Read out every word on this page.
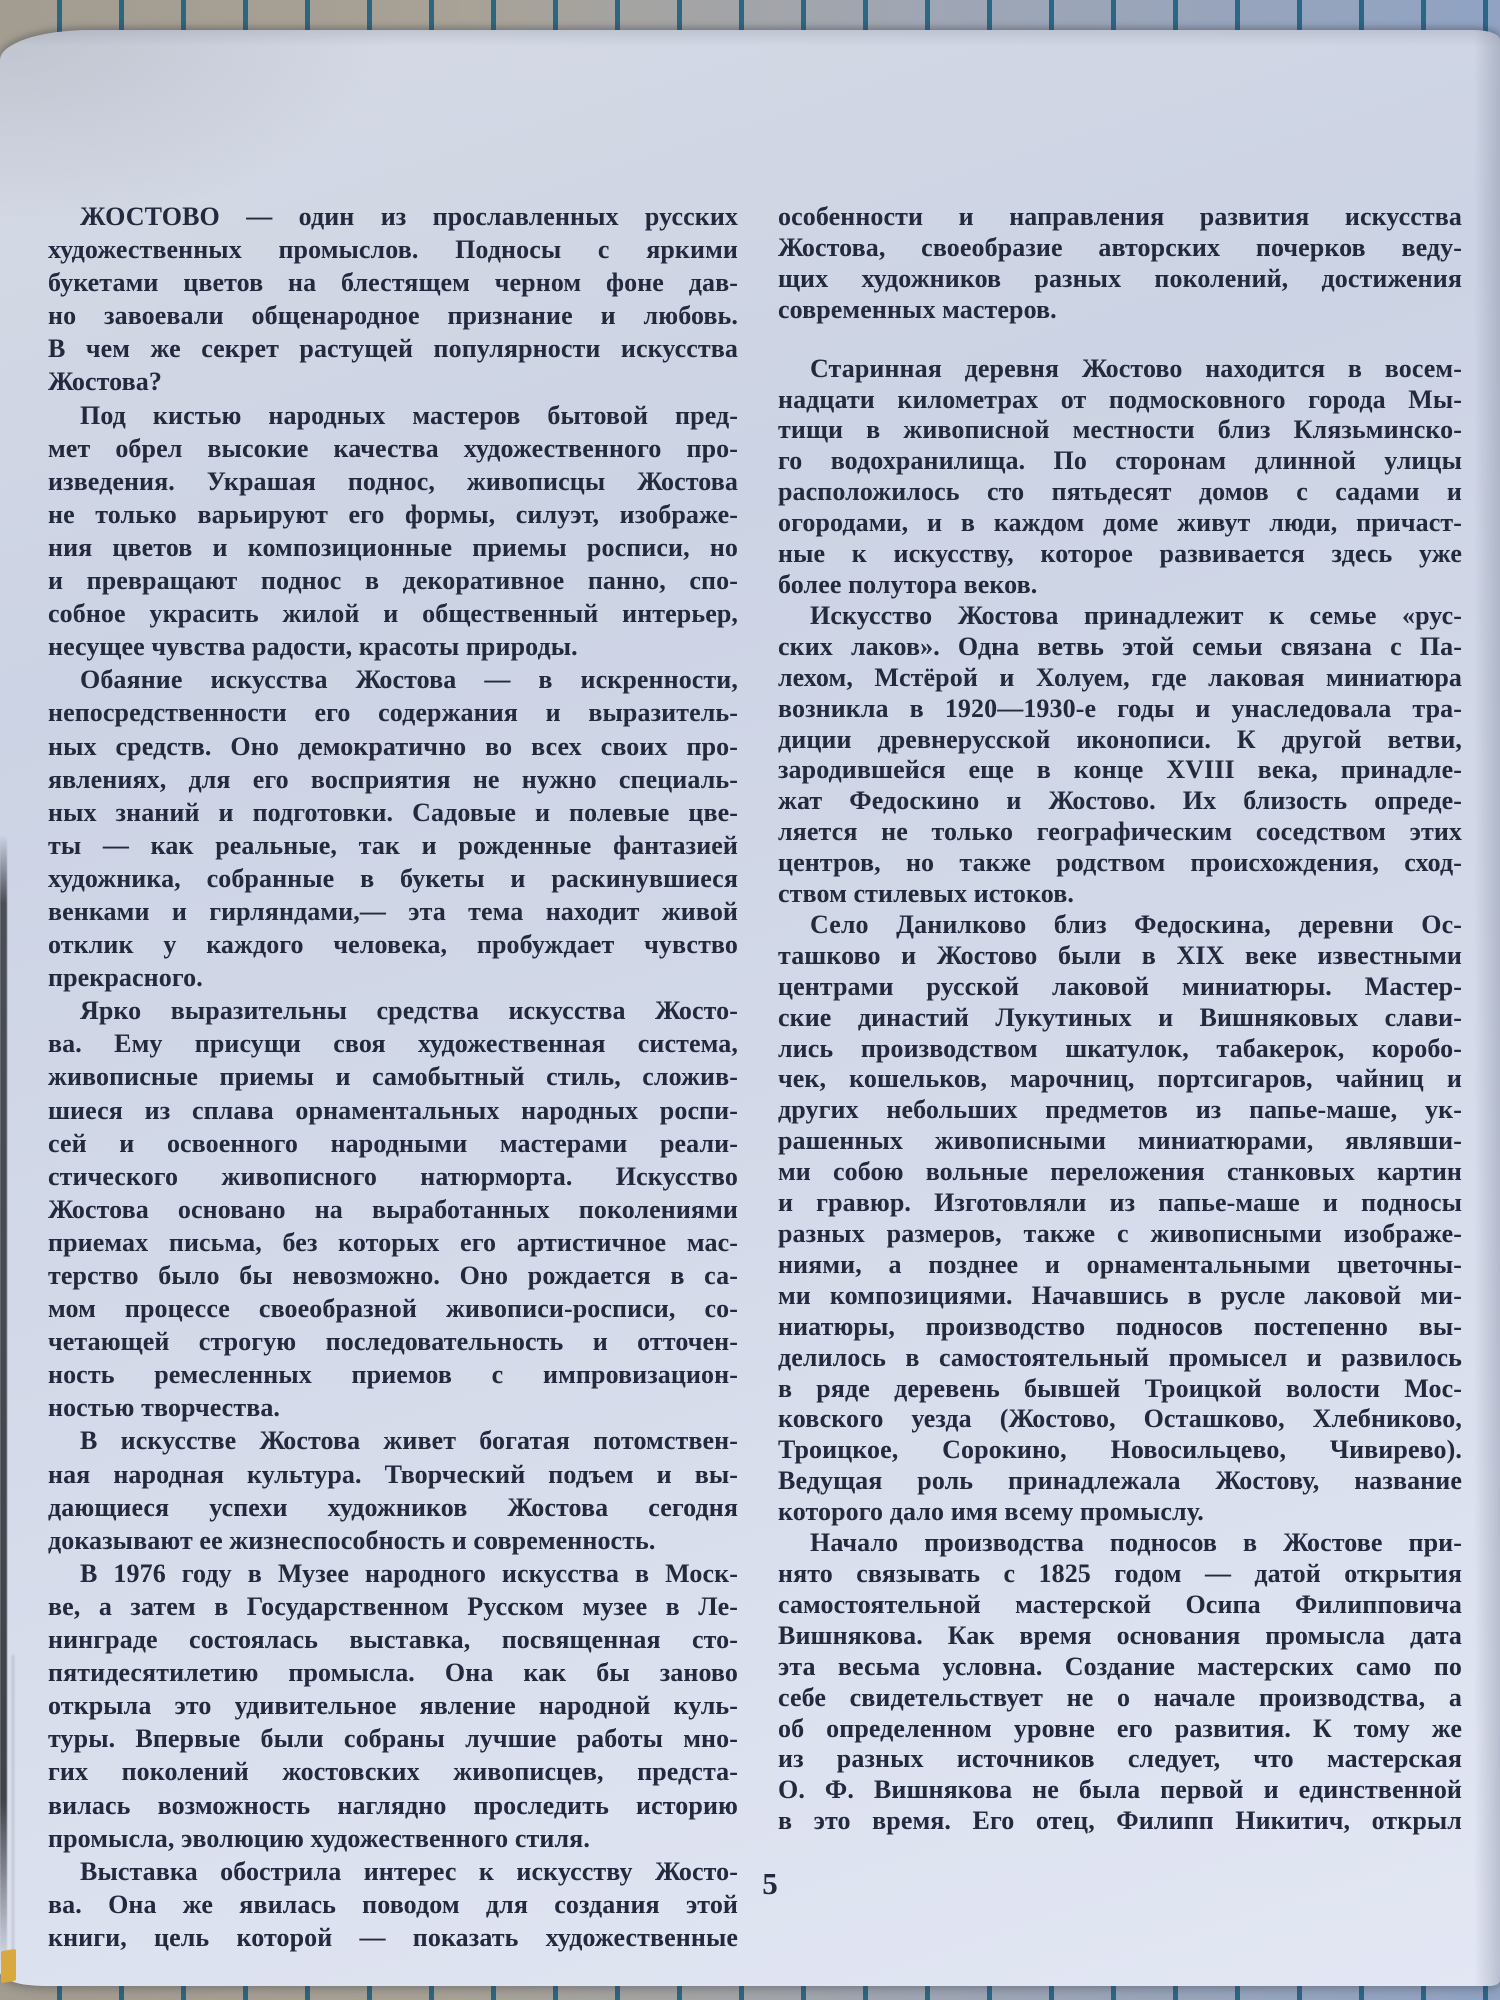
ЖОСТОВО — один из прославленных русских
художественных промыслов. Подносы с яркими
букетами цветов на блестящем черном фоне дав-
но завоевали общенародное признание и любовь.
В чем же секрет растущей популярности искусства
Жостова?
Под кистью народных мастеров бытовой пред-
мет обрел высокие качества художественного про-
изведения. Украшая поднос, живописцы Жостова
не только варьируют его формы, силуэт, изображе-
ния цветов и композиционные приемы росписи, но
и превращают поднос в декоративное панно, спо-
собное украсить жилой и общественный интерьер,
несущее чувства радости, красоты природы.
Обаяние искусства Жостова — в искренности,
непосредственности его содержания и выразитель-
ных средств. Оно демократично во всех своих про-
явлениях, для его восприятия не нужно специаль-
ных знаний и подготовки. Садовые и полевые цве-
ты — как реальные, так и рожденные фантазией
художника, собранные в букеты и раскинувшиеся
венками и гирляндами,— эта тема находит живой
отклик у каждого человека, пробуждает чувство
прекрасного.
Ярко выразительны средства искусства Жосто-
ва. Ему присущи своя художественная система,
живописные приемы и самобытный стиль, сложив-
шиеся из сплава орнаментальных народных роспи-
сей и освоенного народными мастерами реали-
стического живописного натюрморта. Искусство
Жостова основано на выработанных поколениями
приемах письма, без которых его артистичное мас-
терство было бы невозможно. Оно рождается в са-
мом процессе своеобразной живописи-росписи, со-
четающей строгую последовательность и отточен-
ность ремесленных приемов с импровизацион-
ностью творчества.
В искусстве Жостова живет богатая потомствен-
ная народная культура. Творческий подъем и вы-
дающиеся успехи художников Жостова сегодня
доказывают ее жизнеспособность и современность.
В 1976 году в Музее народного искусства в Моск-
ве, а затем в Государственном Русском музее в Ле-
нинграде состоялась выставка, посвященная сто-
пятидесятилетию промысла. Она как бы заново
открыла это удивительное явление народной куль-
туры. Впервые были собраны лучшие работы мно-
гих поколений жостовских живописцев, предста-
вилась возможность наглядно проследить историю
промысла, эволюцию художественного стиля.
Выставка обострила интерес к искусству Жосто-
ва. Она же явилась поводом для создания этой
книги, цель которой — показать художественные
особенности и направления развития искусства
Жостова, своеобразие авторских почерков веду-
щих художников разных поколений, достижения
современных мастеров.
Старинная деревня Жостово находится в восем-
надцати километрах от подмосковного города Мы-
тищи в живописной местности близ Клязьминско-
го водохранилища. По сторонам длинной улицы
расположилось сто пятьдесят домов с садами и
огородами, и в каждом доме живут люди, причаст-
ные к искусству, которое развивается здесь уже
более полутора веков.
Искусство Жостова принадлежит к семье «рус-
ских лаков». Одна ветвь этой семьи связана с Па-
лехом, Мстёрой и Холуем, где лаковая миниатюра
возникла в 1920—1930-е годы и унаследовала тра-
диции древнерусской иконописи. К другой ветви,
зародившейся еще в конце XVIII века, принадле-
жат Федоскино и Жостово. Их близость опреде-
ляется не только географическим соседством этих
центров, но также родством происхождения, сход-
ством стилевых истоков.
Село Данилково близ Федоскина, деревни Ос-
ташково и Жостово были в XIX веке известными
центрами русской лаковой миниатюры. Мастер-
ские династий Лукутиных и Вишняковых слави-
лись производством шкатулок, табакерок, коробо-
чек, кошельков, марочниц, портсигаров, чайниц и
других небольших предметов из папье-маше, ук-
рашенных живописными миниатюрами, являвши-
ми собою вольные переложения станковых картин
и гравюр. Изготовляли из папье-маше и подносы
разных размеров, также с живописными изображе-
ниями, а позднее и орнаментальными цветочны-
ми композициями. Начавшись в русле лаковой ми-
ниатюры, производство подносов постепенно вы-
делилось в самостоятельный промысел и развилось
в ряде деревень бывшей Троицкой волости Мос-
ковского уезда (Жостово, Осташково, Хлебниково,
Троицкое, Сорокино, Новосильцево, Чивирево).
Ведущая роль принадлежала Жостову, название
которого дало имя всему промыслу.
Начало производства подносов в Жостове при-
нято связывать с 1825 годом — датой открытия
самостоятельной мастерской Осипа Филипповича
Вишнякова. Как время основания промысла дата
эта весьма условна. Создание мастерских само по
себе свидетельствует не о начале производства, а
об определенном уровне его развития. К тому же
из разных источников следует, что мастерская
О. Ф. Вишнякова не была первой и единственной
в это время. Его отец, Филипп Никитич, открыл
5
